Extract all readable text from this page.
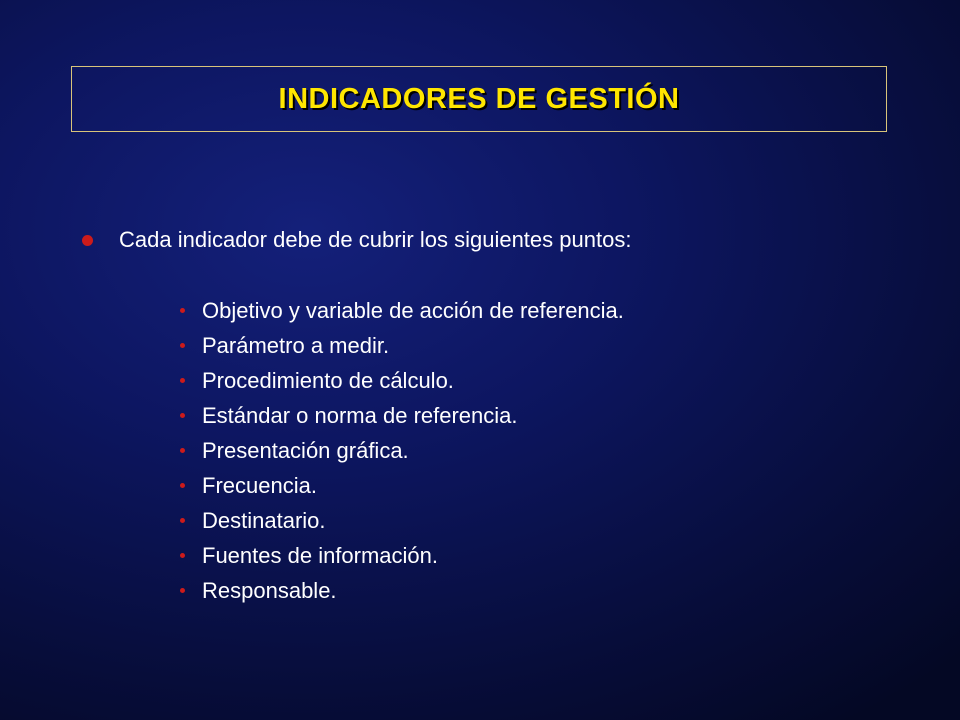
INDICADORES DE GESTIÓN
Cada indicador debe de cubrir los siguientes puntos:
Objetivo y variable de acción de referencia.
Parámetro a medir.
Procedimiento de cálculo.
Estándar o norma de referencia.
Presentación gráfica.
Frecuencia.
Destinatario.
Fuentes de información.
Responsable.
